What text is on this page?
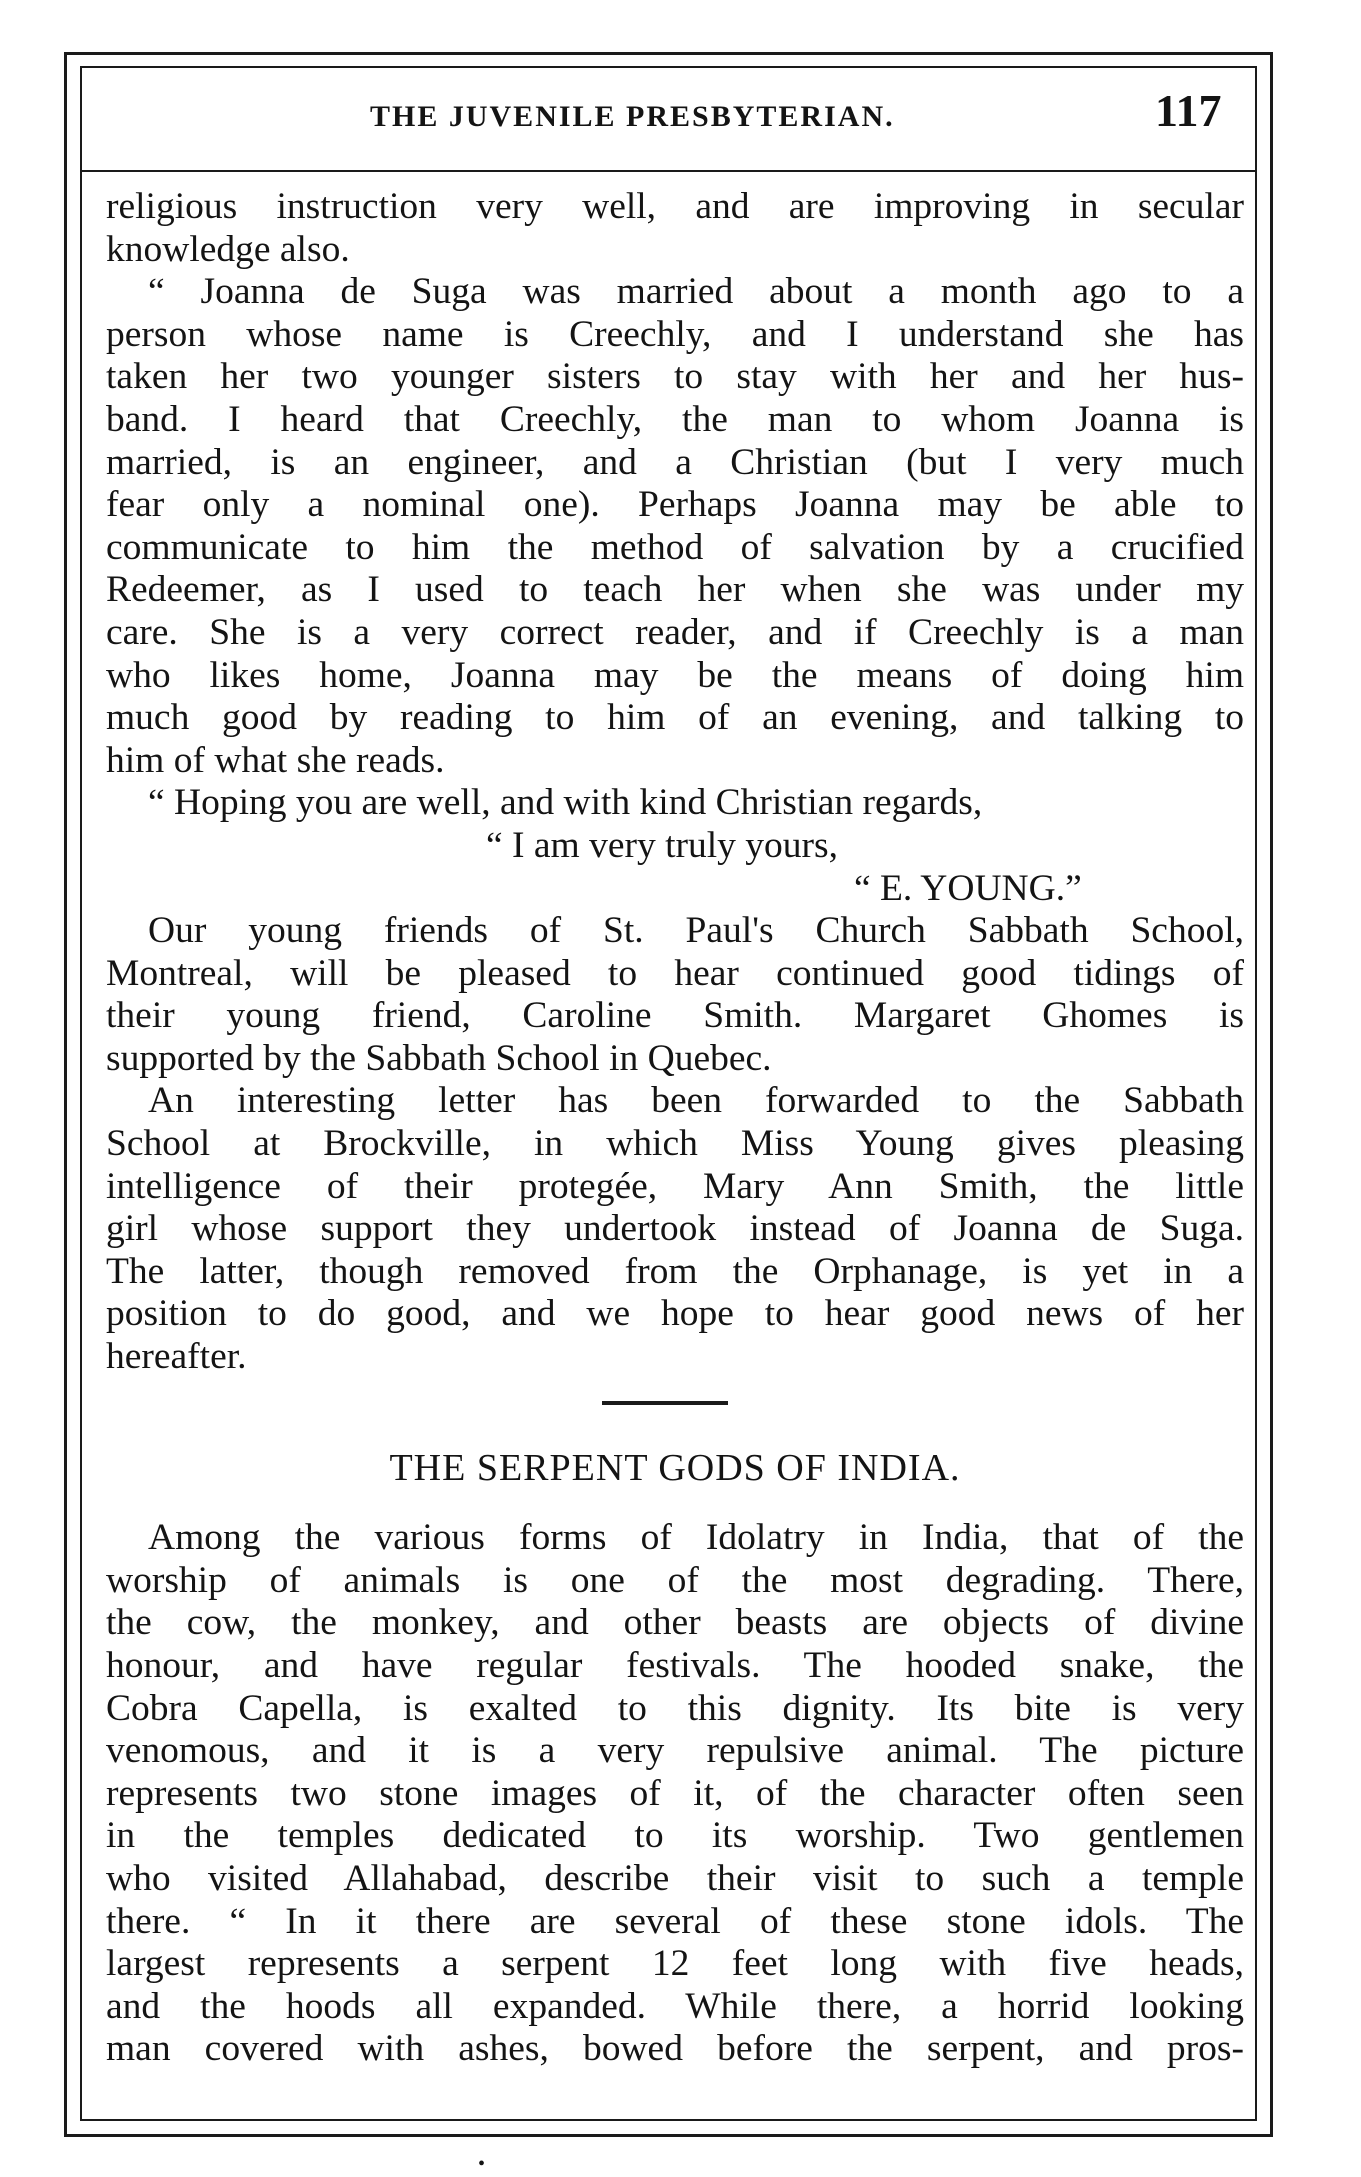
THE JUVENILE PRESBYTERIAN.	117
religious instruction very well, and are improving in secular
knowledge also.
“ Joanna de Suga was married about a month ago to a
person whose name is Creechly, and I understand she has
taken her two younger sisters to stay with her and her hus-
band. I heard that Creechly, the man to whom Joanna is
married, is an engineer, and a Christian (but I very much
fear only a nominal one). Perhaps Joanna may be able to
communicate to him the method of salvation by a crucified
Redeemer, as I used to teach her when she was under my
care. She is a very correct reader, and if Creechly is a man
who likes home, Joanna may be the means of doing him
much good by reading to him of an evening, and talking to
him of what she reads.
“ Hoping you are well, and with kind Christian regards,
“ I am very truly yours,
“ E. YOUNG.”
Our young friends of St. Paul's Church Sabbath School,
Montreal, will be pleased to hear continued good tidings of
their young friend, Caroline Smith. Margaret Ghomes is
supported by the Sabbath School in Quebec.
An interesting letter has been forwarded to the Sabbath
School at Brockville, in which Miss Young gives pleasing
intelligence of their protegée, Mary Ann Smith, the little
girl whose support they undertook instead of Joanna de Suga.
The latter, though removed from the Orphanage, is yet in a
position to do good, and we hope to hear good news of her
hereafter.
THE SERPENT GODS OF INDIA.
Among the various forms of Idolatry in India, that of the
worship of animals is one of the most degrading. There,
the cow, the monkey, and other beasts are objects of divine
honour, and have regular festivals. The hooded snake, the
Cobra Capella, is exalted to this dignity. Its bite is very
venomous, and it is a very repulsive animal. The picture
represents two stone images of it, of the character often seen
in the temples dedicated to its worship. Two gentlemen
who visited Allahabad, describe their visit to such a temple
there. “ In it there are several of these stone idols. The
largest represents a serpent 12 feet long with five heads,
and the hoods all expanded. While there, a horrid looking
man covered with ashes, bowed before the serpent, and pros-
•
